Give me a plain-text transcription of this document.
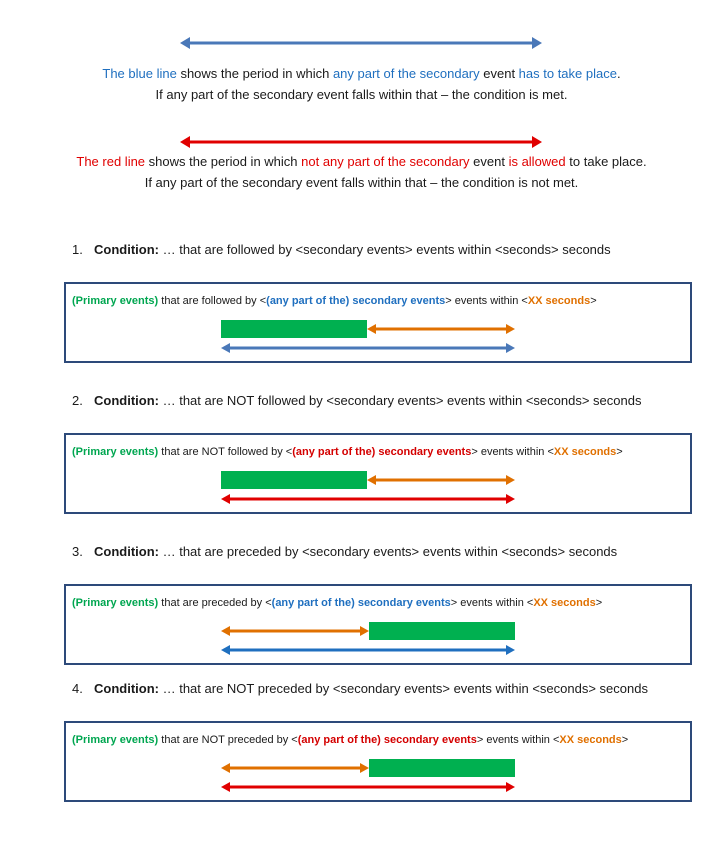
The blue line shows the period in which any part of the secondary event has to take place.
If any part of the secondary event falls within that – the condition is met.
The red line shows the period in which not any part of the secondary event is allowed to take place.
If any part of the secondary event falls within that – the condition is not met.
1. Condition: … that are followed by <secondary events> events within <seconds> seconds
(Primary events) that are followed by <(any part of the) secondary events> events within <XX seconds>
2. Condition: … that are NOT followed by <secondary events> events within <seconds> seconds
(Primary events) that are NOT followed by <(any part of the) secondary events> events within <XX seconds>
3. Condition: … that are preceded by <secondary events> events within <seconds> seconds
(Primary events) that are preceded by <(any part of the) secondary events> events within <XX seconds>
4. Condition: … that are NOT preceded by <secondary events> events within <seconds> seconds
(Primary events) that are NOT preceded by <(any part of the) secondary events> events within <XX seconds>
